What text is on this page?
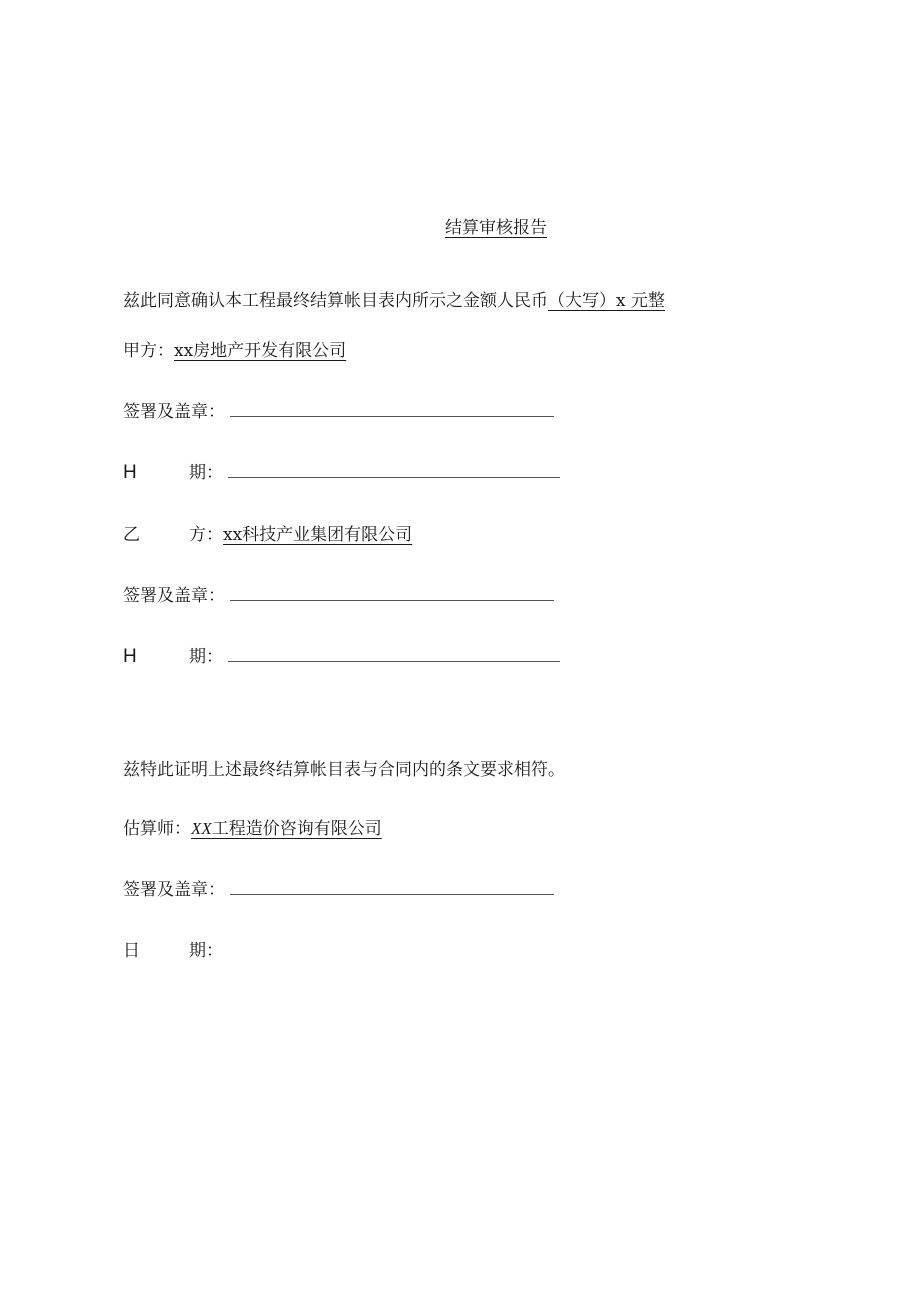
结算审核报告
兹此同意确认本工程最终结算帐目表内所示之金额人民币（大写）x 元整
甲方：xx房地产开发有限公司
签署及盖章：
H	期：
乙	方：xx科技产业集团有限公司
签署及盖章：
H	期：
兹特此证明上述最终结算帐目表与合同内的条文要求相符。
估算师：XX工程造价咨询有限公司
签署及盖章：
日	期：
